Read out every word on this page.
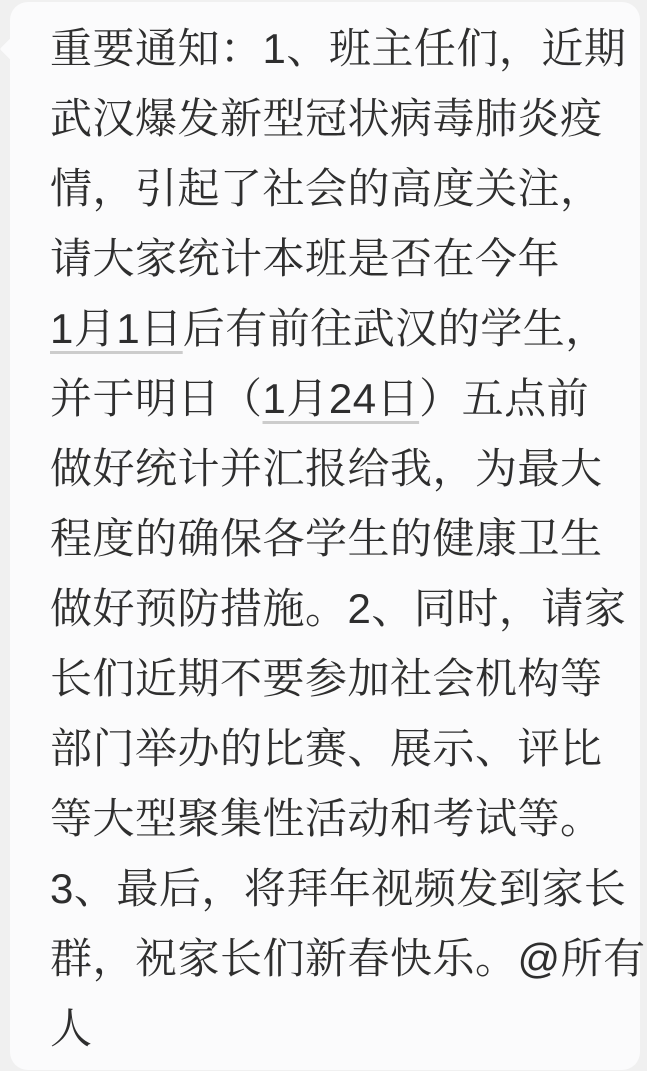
重要通知：1、班主任们，近期
武汉爆发新型冠状病毒肺炎疫
情，引起了社会的高度关注，
请大家统计本班是否在今年
1月1日后有前往武汉的学生，
并于明日（1月24日）五点前
做好统计并汇报给我，为最大
程度的确保各学生的健康卫生
做好预防措施。2、同时，请家
长们近期不要参加社会机构等
部门举办的比赛、展示、评比
等大型聚集性活动和考试等。
3、最后，将拜年视频发到家长
群，祝家长们新春快乐。@所有
人
